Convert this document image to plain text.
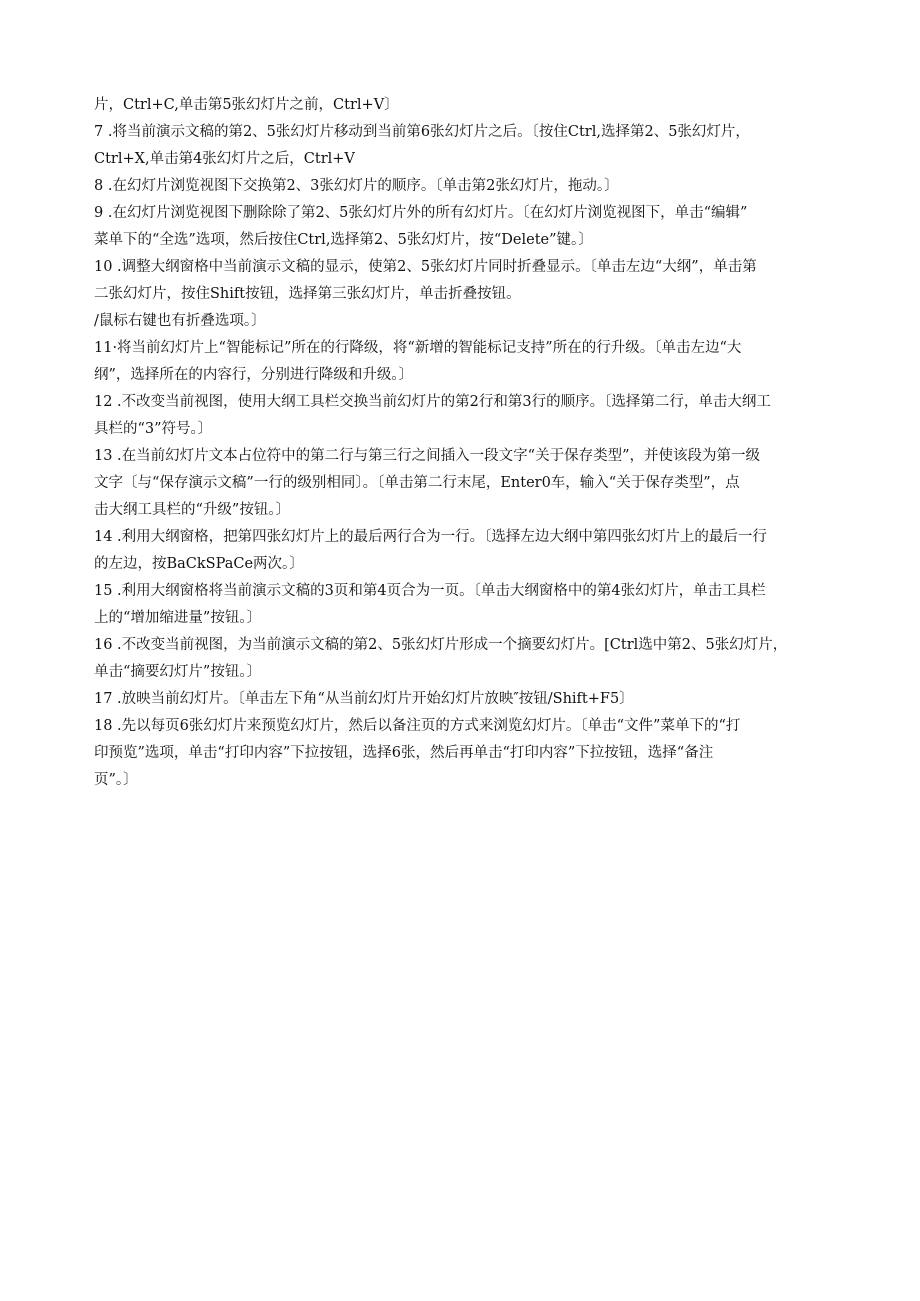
片，Ctrl+C,单击第5张幻灯片之前，Ctrl+V〕
7 .将当前演示文稿的第2、5张幻灯片移动到当前第6张幻灯片之后。〔按住Ctrl,选择第2、5张幻灯片，
Ctrl+X,单击第4张幻灯片之后，Ctrl+V
8 .在幻灯片浏览视图下交换第2、3张幻灯片的顺序。〔单击第2张幻灯片，拖动。〕
9 .在幻灯片浏览视图下删除除了第2、5张幻灯片外的所有幻灯片。〔在幻灯片浏览视图下，单击“编辑”
菜单下的“全选”选项，然后按住Ctrl,选择第2、5张幻灯片，按“Delete”键。〕
10 .调整大纲窗格中当前演示文稿的显示，使第2、5张幻灯片同时折叠显示。〔单击左边“大纲”，单击第
二张幻灯片，按住Shift按钮，选择第三张幻灯片，单击折叠按钮。
/鼠标右键也有折叠选项。〕
11·将当前幻灯片上“智能标记”所在的行降级，将“新增的智能标记支持”所在的行升级。〔单击左边“大
纲”，选择所在的内容行，分别进行降级和升级。〕
12 .不改变当前视图，使用大纲工具栏交换当前幻灯片的第2行和第3行的顺序。〔选择第二行，单击大纲工
具栏的“3”符号。〕
13 .在当前幻灯片文本占位符中的第二行与第三行之间插入一段文字“关于保存类型”，并使该段为第一级
文字〔与“保存演示文稿”一行的级别相同〕。〔单击第二行末尾，Enter0车，输入“关于保存类型”，点
击大纲工具栏的“升级”按钮。〕
14 .利用大纲窗格，把第四张幻灯片上的最后两行合为一行。〔选择左边大纲中第四张幻灯片上的最后一行
的左边，按BaCkSPaCe两次。〕
15 .利用大纲窗格将当前演示文稿的3页和第4页合为一页。〔单击大纲窗格中的第4张幻灯片，单击工具栏
上的“增加缩进量”按钮。〕
16 .不改变当前视图，为当前演示文稿的第2、5张幻灯片形成一个摘要幻灯片。[Ctrl选中第2、5张幻灯片，
单击“摘要幻灯片”按钮。〕
17 .放映当前幻灯片。〔单击左下角“从当前幻灯片开始幻灯片放映″按钮/Shift+F5〕
18 .先以每页6张幻灯片来预览幻灯片，然后以备注页的方式来浏览幻灯片。〔单击“文件”菜单下的“打
印预览”选项，单击“打印内容”下拉按钮，选择6张，然后再单击“打印内容”下拉按钮，选择“备注
页”。〕
